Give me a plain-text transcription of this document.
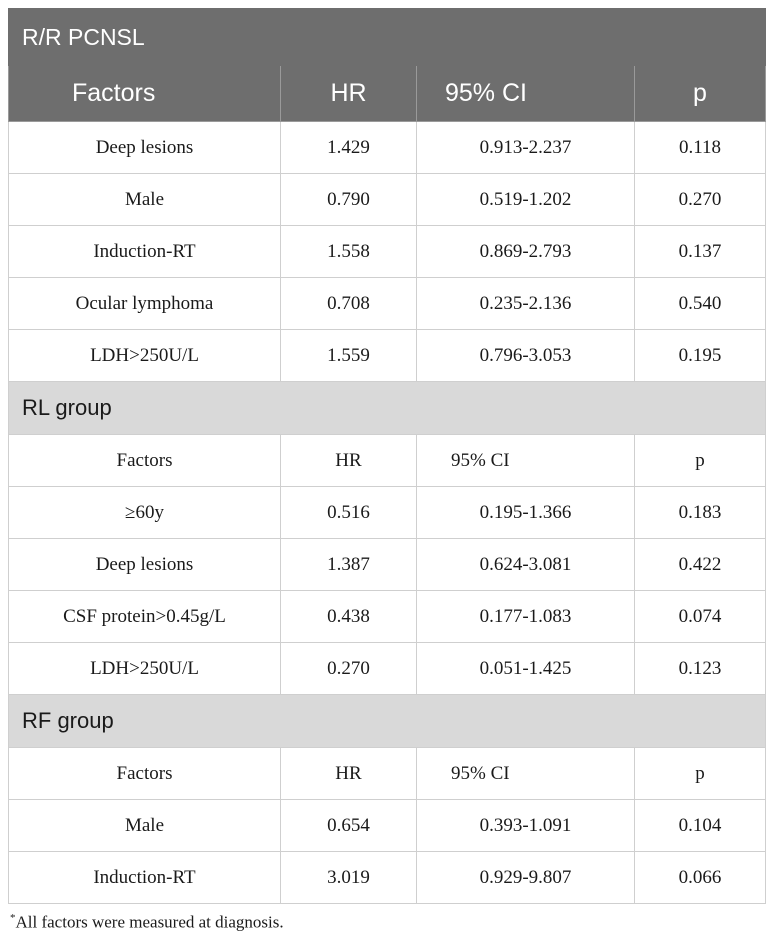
R/R PCNSL			
Factors	HR	95% CI	p
Deep lesions	1.429	0.913-2.237	0.118
Male	0.790	0.519-1.202	0.270
Induction-RT	1.558	0.869-2.793	0.137
Ocular lymphoma	0.708	0.235-2.136	0.540
LDH>250U/L	1.559	0.796-3.053	0.195
RL group			
Factors	HR	95% CI	p
≥60y	0.516	0.195-1.366	0.183
Deep lesions	1.387	0.624-3.081	0.422
CSF protein>0.45g/L	0.438	0.177-1.083	0.074
LDH>250U/L	0.270	0.051-1.425	0.123
RF group			
Factors	HR	95% CI	p
Male	0.654	0.393-1.091	0.104
Induction-RT	3.019	0.929-9.807	0.066
*All factors were measured at diagnosis.
